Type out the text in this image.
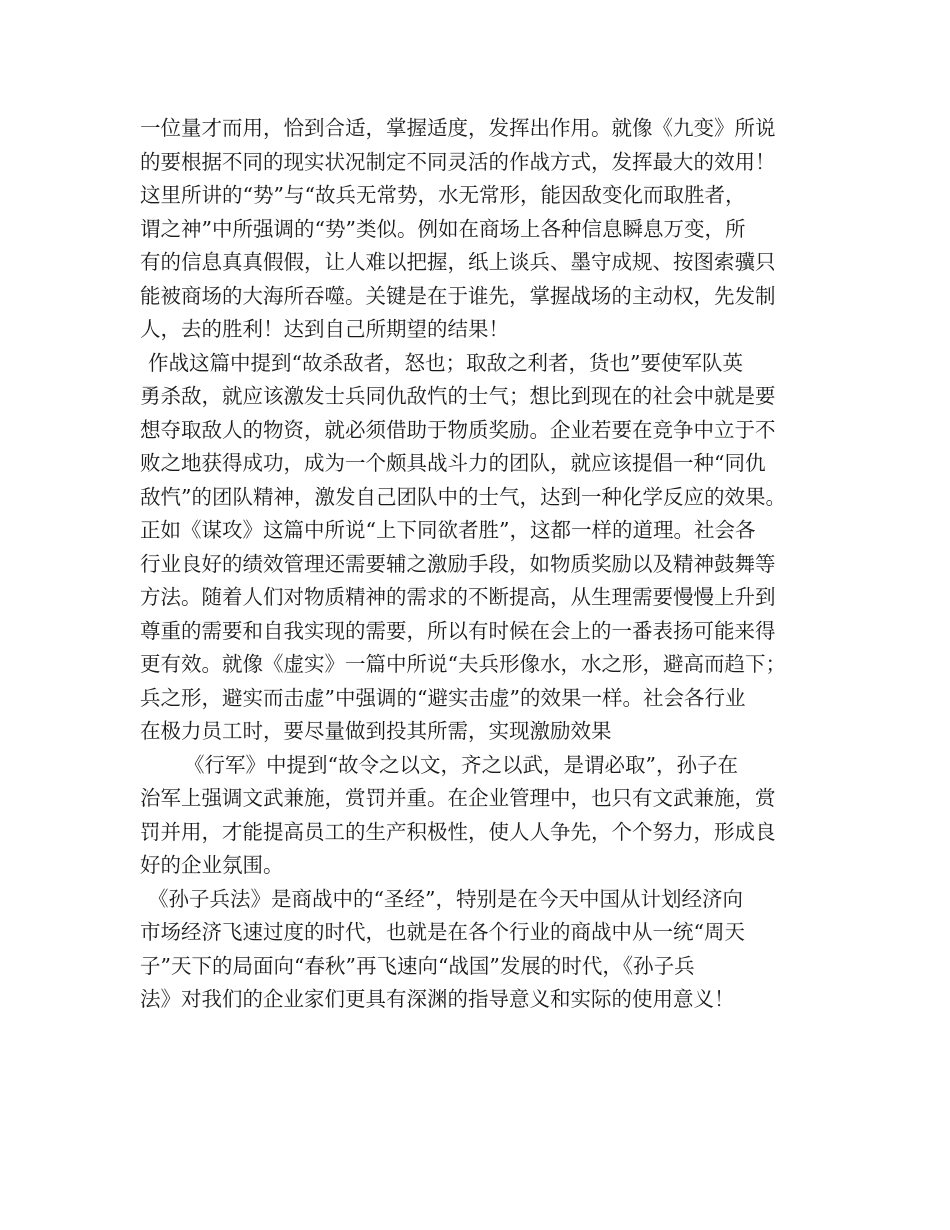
一位量才而用，恰到合适，掌握适度，发挥出作用。就像《九变》所说
的要根据不同的现实状况制定不同灵活的作战方式，发挥最大的效用！
这里所讲的“势”与“故兵无常势，水无常形，能因敌变化而取胜者，
谓之神”中所强调的“势”类似。例如在商场上各种信息瞬息万变，所
有的信息真真假假，让人难以把握，纸上谈兵、墨守成规、按图索骥只
能被商场的大海所吞噬。关键是在于谁先，掌握战场的主动权，先发制
人，去的胜利！达到自己所期望的结果！
作战这篇中提到“故杀敌者，怒也；取敌之利者，货也”要使军队英
勇杀敌，就应该激发士兵同仇敌忾的士气；想比到现在的社会中就是要
想夺取敌人的物资，就必须借助于物质奖励。企业若要在竞争中立于不
败之地获得成功，成为一个颇具战斗力的团队，就应该提倡一种“同仇
敌忾”的团队精神，激发自己团队中的士气，达到一种化学反应的效果。
正如《谋攻》这篇中所说“上下同欲者胜”，这都一样的道理。社会各
行业良好的绩效管理还需要辅之激励手段，如物质奖励以及精神鼓舞等
方法。随着人们对物质精神的需求的不断提高，从生理需要慢慢上升到
尊重的需要和自我实现的需要，所以有时候在会上的一番表扬可能来得
更有效。就像《虚实》一篇中所说“夫兵形像水，水之形，避高而趋下；
兵之形，避实而击虚”中强调的“避实击虚”的效果一样。社会各行业
在极力员工时，要尽量做到投其所需，实现激励效果
《行军》中提到“故令之以文，齐之以武，是谓必取”，孙子在
治军上强调文武兼施，赏罚并重。在企业管理中，也只有文武兼施，赏
罚并用，才能提高员工的生产积极性，使人人争先，个个努力，形成良
好的企业氛围。
《孙子兵法》是商战中的“圣经”，特别是在今天中国从计划经济向
市场经济飞速过度的时代，也就是在各个行业的商战中从一统“周天
子”天下的局面向“春秋”再飞速向“战国”发展的时代，《孙子兵
法》对我们的企业家们更具有深渊的指导意义和实际的使用意义！
